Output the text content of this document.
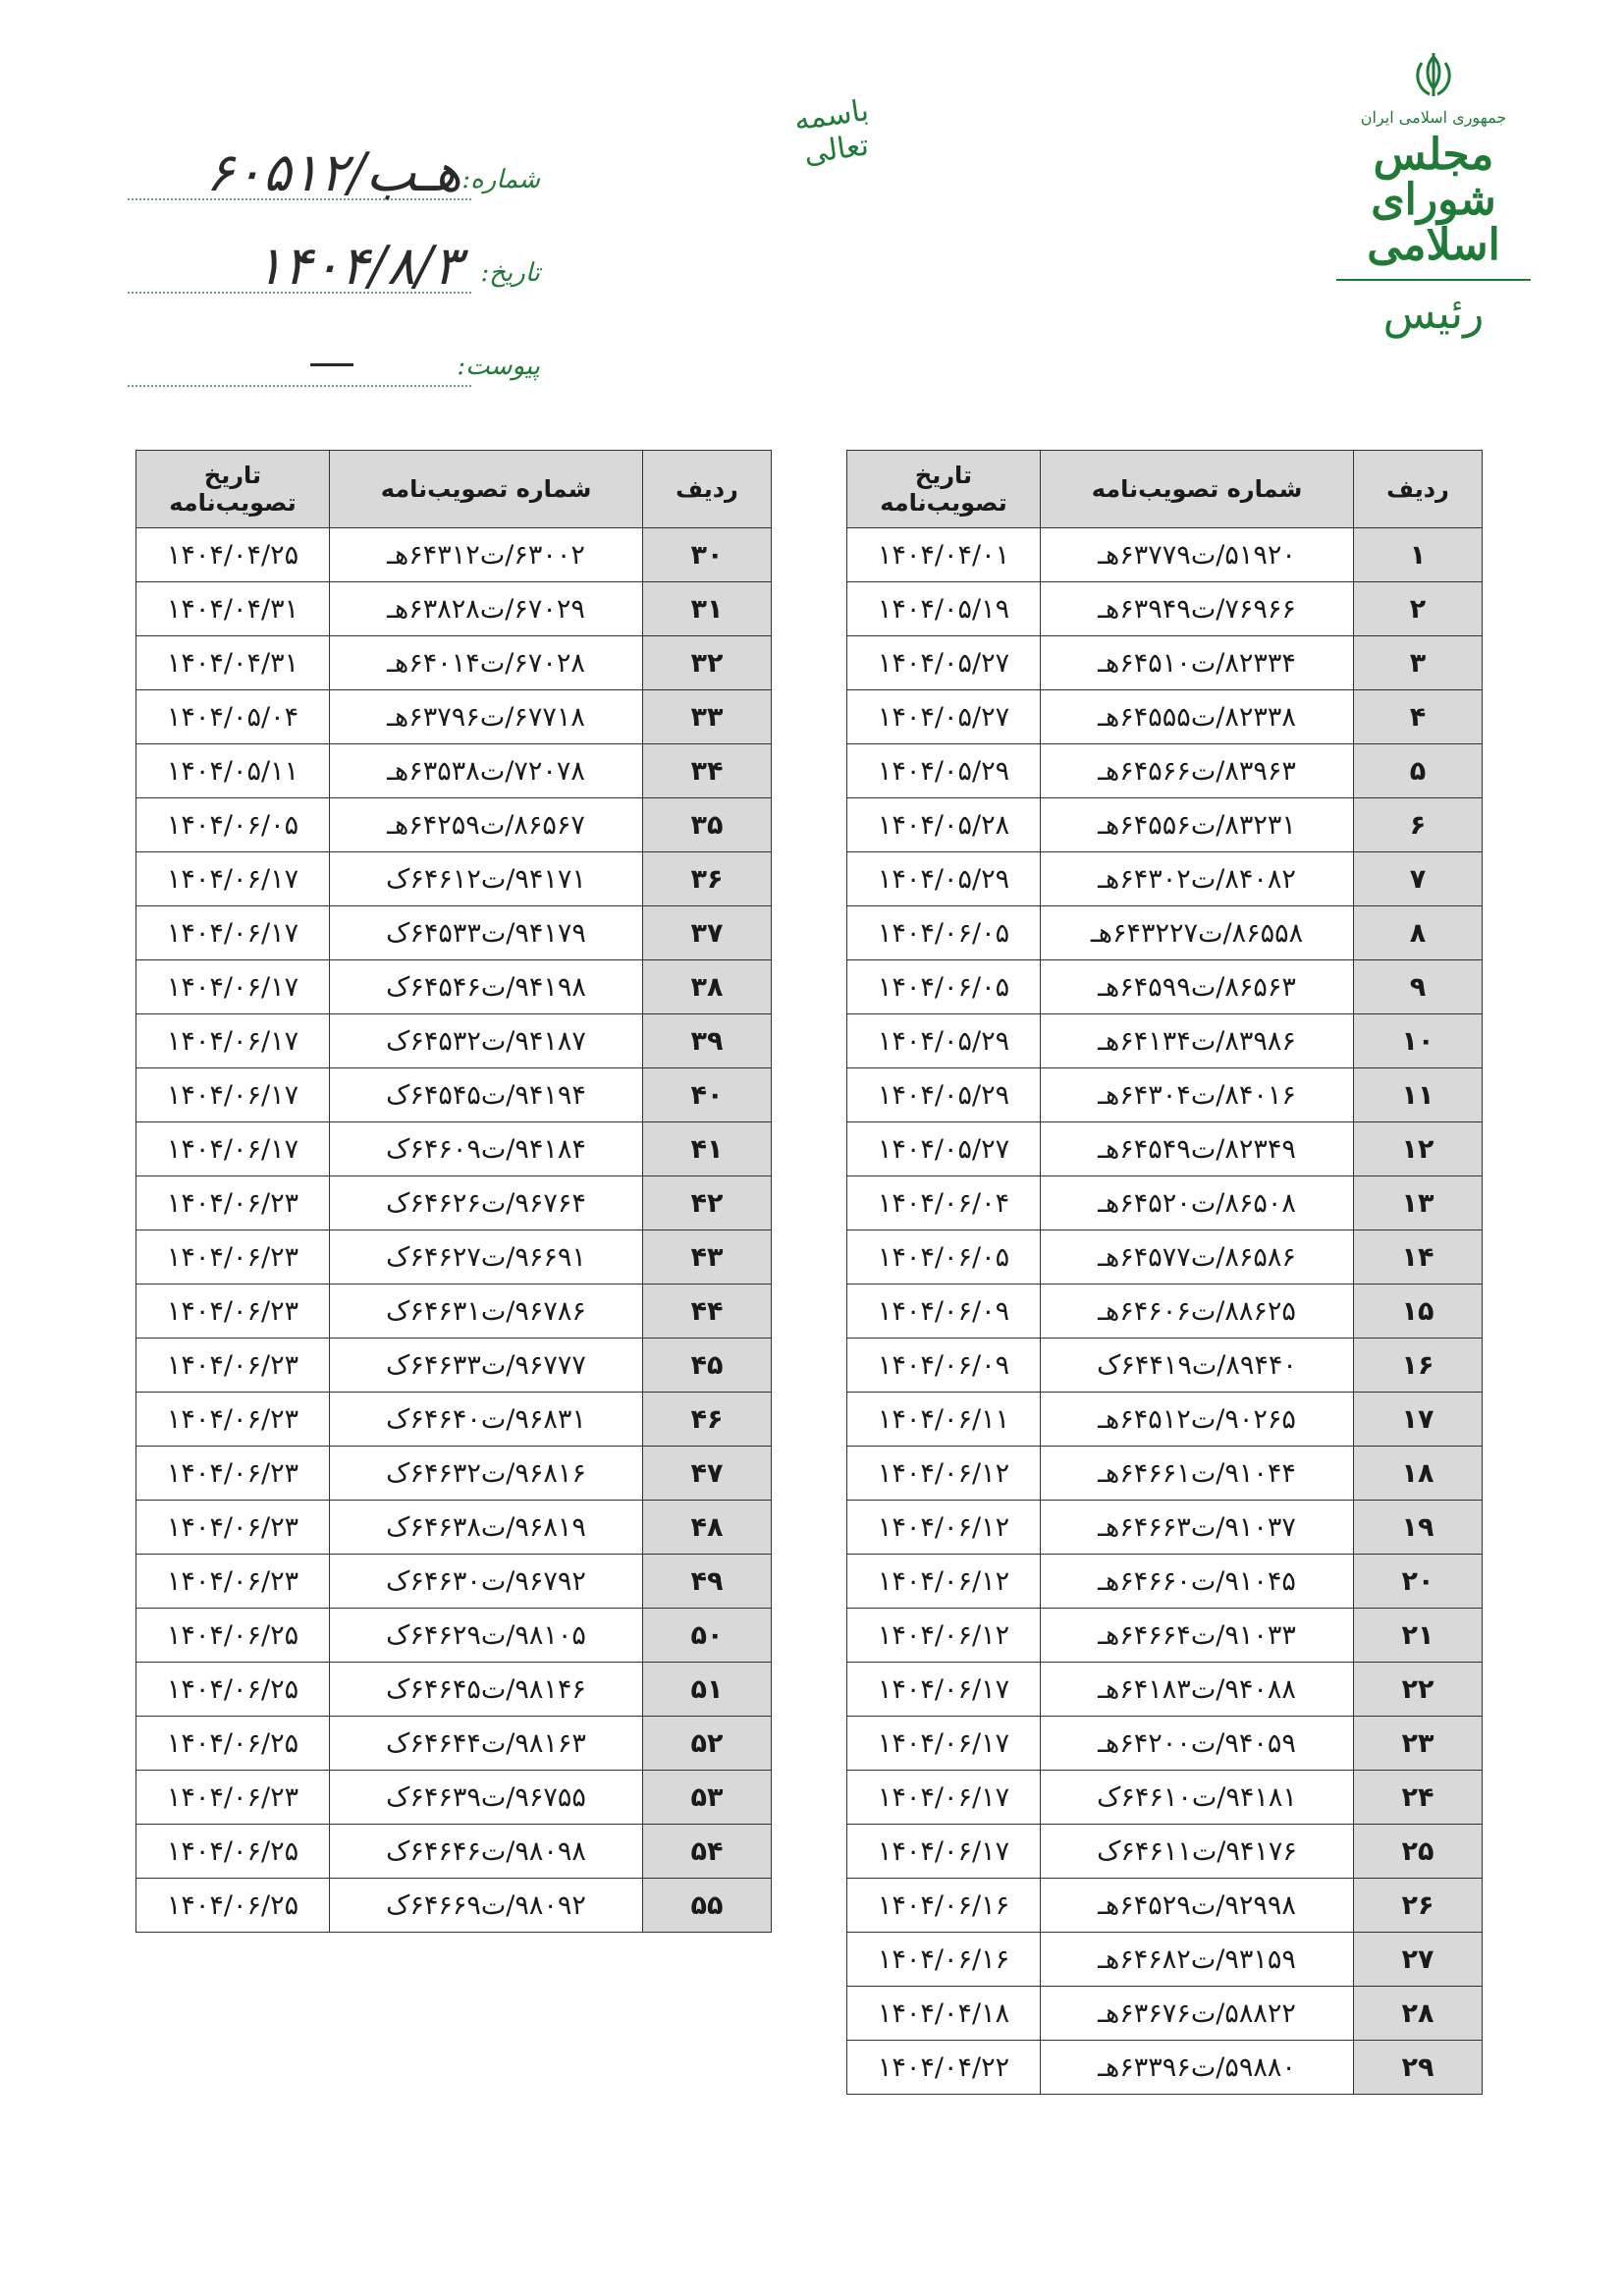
جمهوری اسلامی ایران
مجلس شورای اسلامی
رئیس
باسمه تعالی
شماره:
۶۰۵۱۲/هـب
تاریخ:
۱۴۰۴/۸/۳
پیوست:
ردیف	شماره تصویب‌نامه	تاریخ تصویب‌نامه
۱	۵۱۹۲۰/ت۶۳۷۷۹هـ	۱۴۰۴/۰۴/۰۱
۲	۷۶۹۶۶/ت۶۳۹۴۹هـ	۱۴۰۴/۰۵/۱۹
۳	۸۲۳۳۴/ت۶۴۵۱۰هـ	۱۴۰۴/۰۵/۲۷
۴	۸۲۳۳۸/ت۶۴۵۵۵هـ	۱۴۰۴/۰۵/۲۷
۵	۸۳۹۶۳/ت۶۴۵۶۶هـ	۱۴۰۴/۰۵/۲۹
۶	۸۳۲۳۱/ت۶۴۵۵۶هـ	۱۴۰۴/۰۵/۲۸
۷	۸۴۰۸۲/ت۶۴۳۰۲هـ	۱۴۰۴/۰۵/۲۹
۸	۸۶۵۵۸/ت۶۴۳۲۲۷هـ	۱۴۰۴/۰۶/۰۵
۹	۸۶۵۶۳/ت۶۴۵۹۹هـ	۱۴۰۴/۰۶/۰۵
۱۰	۸۳۹۸۶/ت۶۴۱۳۴هـ	۱۴۰۴/۰۵/۲۹
۱۱	۸۴۰۱۶/ت۶۴۳۰۴هـ	۱۴۰۴/۰۵/۲۹
۱۲	۸۲۳۴۹/ت۶۴۵۴۹هـ	۱۴۰۴/۰۵/۲۷
۱۳	۸۶۵۰۸/ت۶۴۵۲۰هـ	۱۴۰۴/۰۶/۰۴
۱۴	۸۶۵۸۶/ت۶۴۵۷۷هـ	۱۴۰۴/۰۶/۰۵
۱۵	۸۸۶۲۵/ت۶۴۶۰۶هـ	۱۴۰۴/۰۶/۰۹
۱۶	۸۹۴۴۰/ت۶۴۴۱۹ک	۱۴۰۴/۰۶/۰۹
۱۷	۹۰۲۶۵/ت۶۴۵۱۲هـ	۱۴۰۴/۰۶/۱۱
۱۸	۹۱۰۴۴/ت۶۴۶۶۱هـ	۱۴۰۴/۰۶/۱۲
۱۹	۹۱۰۳۷/ت۶۴۶۶۳هـ	۱۴۰۴/۰۶/۱۲
۲۰	۹۱۰۴۵/ت۶۴۶۶۰هـ	۱۴۰۴/۰۶/۱۲
۲۱	۹۱۰۳۳/ت۶۴۶۶۴هـ	۱۴۰۴/۰۶/۱۲
۲۲	۹۴۰۸۸/ت۶۴۱۸۳هـ	۱۴۰۴/۰۶/۱۷
۲۳	۹۴۰۵۹/ت۶۴۲۰۰هـ	۱۴۰۴/۰۶/۱۷
۲۴	۹۴۱۸۱/ت۶۴۶۱۰ک	۱۴۰۴/۰۶/۱۷
۲۵	۹۴۱۷۶/ت۶۴۶۱۱ک	۱۴۰۴/۰۶/۱۷
۲۶	۹۲۹۹۸/ت۶۴۵۲۹هـ	۱۴۰۴/۰۶/۱۶
۲۷	۹۳۱۵۹/ت۶۴۶۸۲هـ	۱۴۰۴/۰۶/۱۶
۲۸	۵۸۸۲۲/ت۶۳۶۷۶هـ	۱۴۰۴/۰۴/۱۸
۲۹	۵۹۸۸۰/ت۶۳۳۹۶هـ	۱۴۰۴/۰۴/۲۲
ردیف	شماره تصویب‌نامه	تاریخ تصویب‌نامه
۳۰	۶۳۰۰۲/ت۶۴۳۱۲هـ	۱۴۰۴/۰۴/۲۵
۳۱	۶۷۰۲۹/ت۶۳۸۲۸هـ	۱۴۰۴/۰۴/۳۱
۳۲	۶۷۰۲۸/ت۶۴۰۱۴هـ	۱۴۰۴/۰۴/۳۱
۳۳	۶۷۷۱۸/ت۶۳۷۹۶هـ	۱۴۰۴/۰۵/۰۴
۳۴	۷۲۰۷۸/ت۶۳۵۳۸هـ	۱۴۰۴/۰۵/۱۱
۳۵	۸۶۵۶۷/ت۶۴۲۵۹هـ	۱۴۰۴/۰۶/۰۵
۳۶	۹۴۱۷۱/ت۶۴۶۱۲ک	۱۴۰۴/۰۶/۱۷
۳۷	۹۴۱۷۹/ت۶۴۵۳۳ک	۱۴۰۴/۰۶/۱۷
۳۸	۹۴۱۹۸/ت۶۴۵۴۶ک	۱۴۰۴/۰۶/۱۷
۳۹	۹۴۱۸۷/ت۶۴۵۳۲ک	۱۴۰۴/۰۶/۱۷
۴۰	۹۴۱۹۴/ت۶۴۵۴۵ک	۱۴۰۴/۰۶/۱۷
۴۱	۹۴۱۸۴/ت۶۴۶۰۹ک	۱۴۰۴/۰۶/۱۷
۴۲	۹۶۷۶۴/ت۶۴۶۲۶ک	۱۴۰۴/۰۶/۲۳
۴۳	۹۶۶۹۱/ت۶۴۶۲۷ک	۱۴۰۴/۰۶/۲۳
۴۴	۹۶۷۸۶/ت۶۴۶۳۱ک	۱۴۰۴/۰۶/۲۳
۴۵	۹۶۷۷۷/ت۶۴۶۳۳ک	۱۴۰۴/۰۶/۲۳
۴۶	۹۶۸۳۱/ت۶۴۶۴۰ک	۱۴۰۴/۰۶/۲۳
۴۷	۹۶۸۱۶/ت۶۴۶۳۲ک	۱۴۰۴/۰۶/۲۳
۴۸	۹۶۸۱۹/ت۶۴۶۳۸ک	۱۴۰۴/۰۶/۲۳
۴۹	۹۶۷۹۲/ت۶۴۶۳۰ک	۱۴۰۴/۰۶/۲۳
۵۰	۹۸۱۰۵/ت۶۴۶۲۹ک	۱۴۰۴/۰۶/۲۵
۵۱	۹۸۱۴۶/ت۶۴۶۴۵ک	۱۴۰۴/۰۶/۲۵
۵۲	۹۸۱۶۳/ت۶۴۶۴۴ک	۱۴۰۴/۰۶/۲۵
۵۳	۹۶۷۵۵/ت۶۴۶۳۹ک	۱۴۰۴/۰۶/۲۳
۵۴	۹۸۰۹۸/ت۶۴۶۴۶ک	۱۴۰۴/۰۶/۲۵
۵۵	۹۸۰۹۲/ت۶۴۶۶۹ک	۱۴۰۴/۰۶/۲۵
